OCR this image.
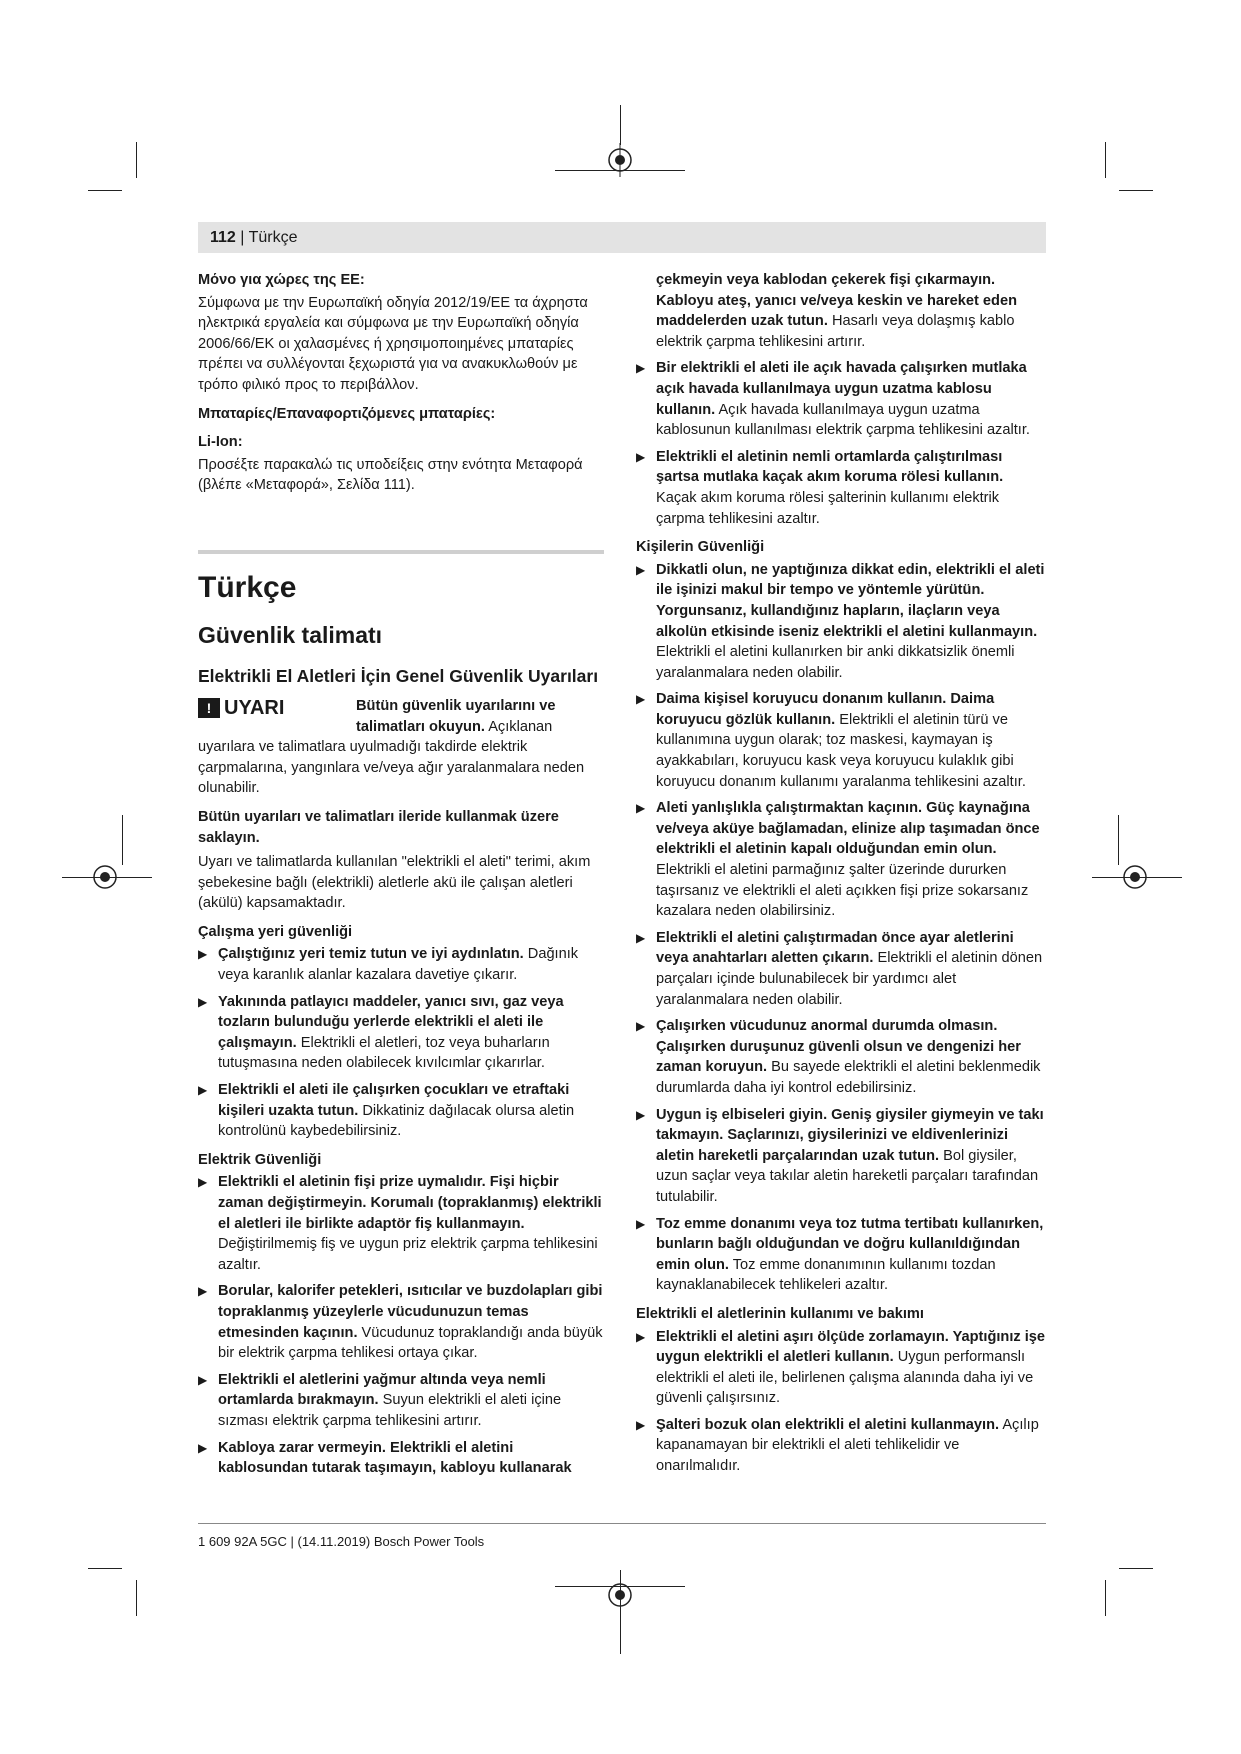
112 | Türkçe
Μόνο για χώρες της ΕΕ:

Σύμφωνα με την Ευρωπαϊκή οδηγία 2012/19/ΕΕ τα άχρηστα ηλεκτρικά εργαλεία και σύμφωνα με την Ευρωπαϊκή οδηγία 2006/66/ΕΚ οι χαλασμένες ή χρησιμοποιημένες μπαταρίες πρέπει να συλλέγονται ξεχωριστά για να ανακυκλωθούν με τρόπο φιλικό προς το περιβάλλον.

Μπαταρίες/Επαναφορτιζόμενες μπαταρίες:
Li-Ion:

Προσέξτε παρακαλώ τις υποδείξεις στην ενότητα Μεταφορά (βλέπε «Μεταφορά», Σελίδα 111).

Türkçe
Güvenlik talimatı
Elektrikli El Aletleri İçin Genel Güvenlik Uyarıları
! UYARI	Bütün güvenlik uyarılarını ve talimatları okuyun. Açıklanan uyarılara ve talimatlara uyulmadığı takdirde elektrik çarpmalarına, yangınlara ve/veya ağır yaralanmalara neden olunabilir.

Bütün uyarıları ve talimatları ileride kullanmak üzere saklayın.

Uyarı ve talimatlarda kullanılan "elektrikli el aleti" terimi, akım şebekesine bağlı (elektrikli) aletlerle akü ile çalışan aletleri (akülü) kapsamaktadır.

Çalışma yeri güvenliği
▶ Çalıştığınız yeri temiz tutun ve iyi aydınlatın. Dağınık veya karanlık alanlar kazalara davetiye çıkarır.
▶ Yakınında patlayıcı maddeler, yanıcı sıvı, gaz veya tozların bulunduğu yerlerde elektrikli el aleti ile çalışmayın. Elektrikli el aletleri, toz veya buharların tutuşmasına neden olabilecek kıvılcımlar çıkarırlar.
▶ Elektrikli el aleti ile çalışırken çocukları ve etraftaki kişileri uzakta tutun. Dikkatiniz dağılacak olursa aletin kontrolünü kaybedebilirsiniz.
Elektrik Güvenliği
▶ Elektrikli el aletinin fişi prize uymalıdır. Fişi hiçbir zaman değiştirmeyin. Korumalı (topraklanmış) elektrikli el aletleri ile birlikte adaptör fiş kullanmayın. Değiştirilmemiş fiş ve uygun priz elektrik çarpma tehlikesini azaltır.
▶ Borular, kalorifer petekleri, ısıtıcılar ve buzdolapları gibi topraklanmış yüzeylerle vücudunuzun temas etmesinden kaçının. Vücudunuz topraklandığı anda büyük bir elektrik çarpma tehlikesi ortaya çıkar.
▶ Elektrikli el aletlerini yağmur altında veya nemli ortamlarda bırakmayın. Suyun elektrikli el aleti içine sızması elektrik çarpma tehlikesini artırır.
▶ Kabloya zarar vermeyin. Elektrikli el aletini kablosundan tutarak taşımayın, kabloyu kullanarak
çekmeyin veya kablodan çekerek fişi çıkarmayın. Kabloyu ateş, yanıcı ve/veya keskin ve hareket eden maddelerden uzak tutun. Hasarlı veya dolaşmış kablo elektrik çarpma tehlikesini artırır.
▶ Bir elektrikli el aleti ile açık havada çalışırken mutlaka açık havada kullanılmaya uygun uzatma kablosu kullanın. Açık havada kullanılmaya uygun uzatma kablosunun kullanılması elektrik çarpma tehlikesini azaltır.
▶ Elektrikli el aletinin nemli ortamlarda çalıştırılması şartsa mutlaka kaçak akım koruma rölesi kullanın. Kaçak akım koruma rölesi şalterinin kullanımı elektrik çarpma tehlikesini azaltır.
Kişilerin Güvenliği
▶ Dikkatli olun, ne yaptığınıza dikkat edin, elektrikli el aleti ile işinizi makul bir tempo ve yöntemle yürütün. Yorgunsanız, kullandığınız hapların, ilaçların veya alkolün etkisinde iseniz elektrikli el aletini kullanmayın. Elektrikli el aletini kullanırken bir anki dikkatsizlik önemli yaralanmalara neden olabilir.
▶ Daima kişisel koruyucu donanım kullanın. Daima koruyucu gözlük kullanın. Elektrikli el aletinin türü ve kullanımına uygun olarak; toz maskesi, kaymayan iş ayakkabıları, koruyucu kask veya koruyucu kulaklık gibi koruyucu donanım kullanımı yaralanma tehlikesini azaltır.
▶ Aleti yanlışlıkla çalıştırmaktan kaçının. Güç kaynağına ve/veya aküye bağlamadan, elinize alıp taşımadan önce elektrikli el aletinin kapalı olduğundan emin olun. Elektrikli el aletini parmağınız şalter üzerinde dururken taşırsanız ve elektrikli el aleti açıkken fişi prize sokarsanız kazalara neden olabilirsiniz.
▶ Elektrikli el aletini çalıştırmadan önce ayar aletlerini veya anahtarları aletten çıkarın. Elektrikli el aletinin dönen parçaları içinde bulunabilecek bir yardımcı alet yaralanmalara neden olabilir.
▶ Çalışırken vücudunuz anormal durumda olmasın. Çalışırken duruşunuz güvenli olsun ve dengenizi her zaman koruyun. Bu sayede elektrikli el aletini beklenmedik durumlarda daha iyi kontrol edebilirsiniz.
▶ Uygun iş elbiseleri giyin. Geniş giysiler giymeyin ve takı takmayın. Saçlarınızı, giysilerinizi ve eldivenlerinizi aletin hareketli parçalarından uzak tutun. Bol giysiler, uzun saçlar veya takılar aletin hareketli parçaları tarafından tutulabilir.
▶ Toz emme donanımı veya toz tutma tertibatı kullanırken, bunların bağlı olduğundan ve doğru kullanıldığından emin olun. Toz emme donanımının kullanımı tozdan kaynaklanabilecek tehlikeleri azaltır.
Elektrikli el aletlerinin kullanımı ve bakımı
▶ Elektrikli el aletini aşırı ölçüde zorlamayın. Yaptığınız işe uygun elektrikli el aletleri kullanın. Uygun performanslı elektrikli el aleti ile, belirlenen çalışma alanında daha iyi ve güvenli çalışırsınız.
▶ Şalteri bozuk olan elektrikli el aletini kullanmayın. Açılıp kapanamayan bir elektrikli el aleti tehlikelidir ve onarılmalıdır.
1 609 92A 5GC | (14.11.2019) Bosch Power Tools
